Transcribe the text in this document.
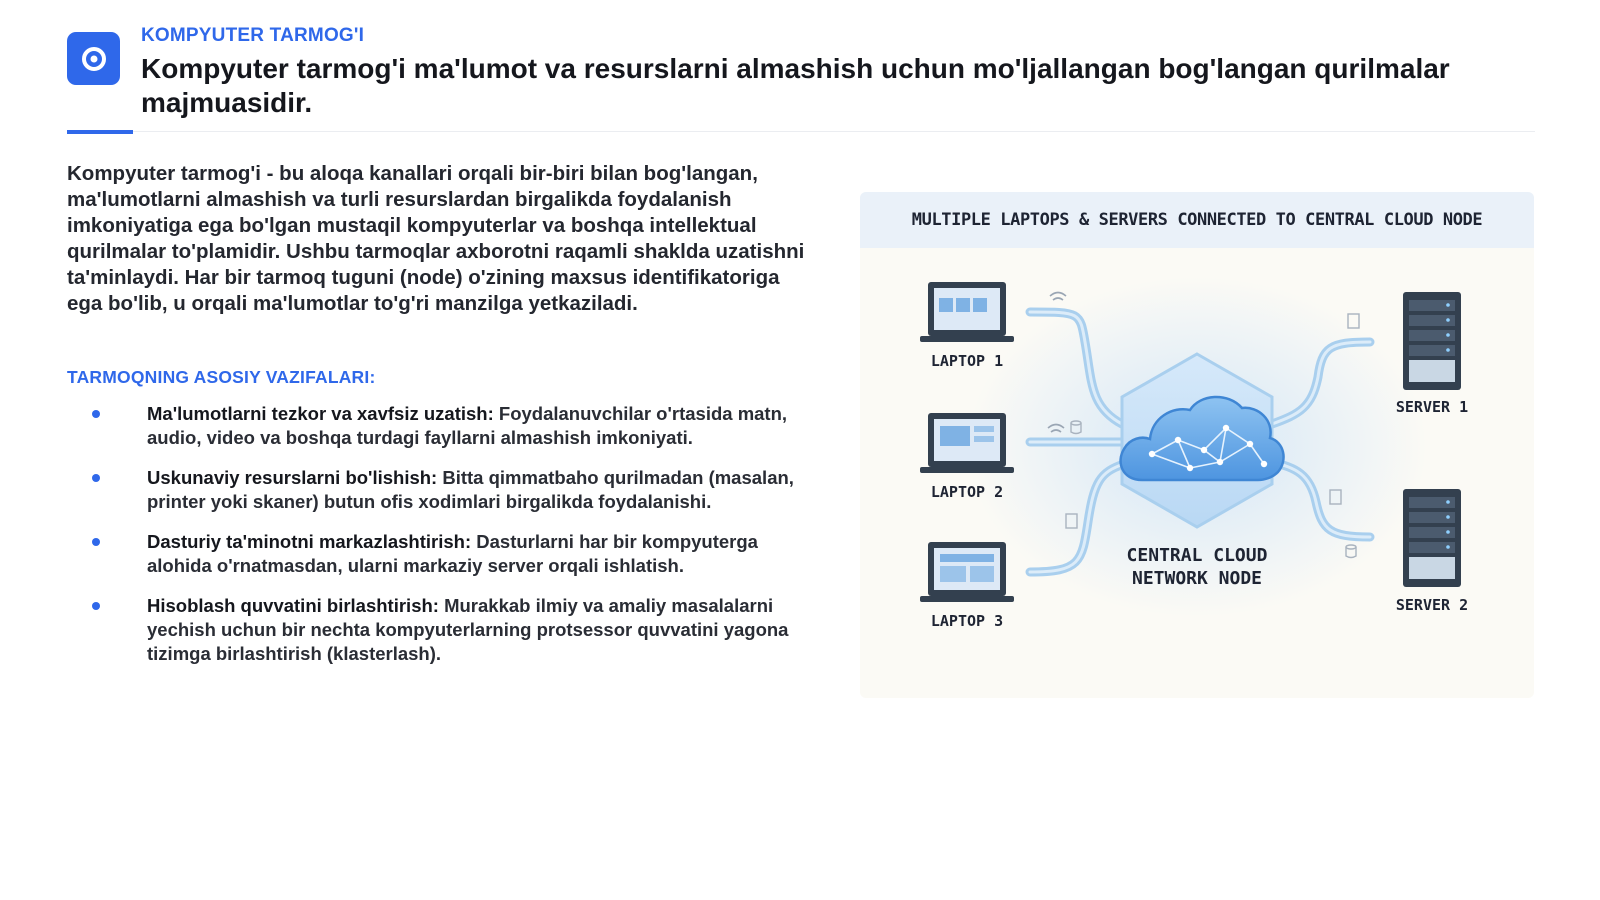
KOMPYUTER TARMOG'I
Kompyuter tarmog'i ma'lumot va resurslarni almashish uchun mo'ljallangan bog'langan qurilmalar majmuasidir.

Kompyuter tarmog'i - bu aloqa kanallari orqali bir-biri bilan bog'langan, ma'lumotlarni almashish va turli resurslardan birgalikda foydalanish imkoniyatiga ega bo'lgan mustaqil kompyuterlar va boshqa intellektual qurilmalar to'plamidir. Ushbu tarmoqlar axborotni raqamli shaklda uzatishni ta'minlaydi. Har bir tarmoq tuguni (node) o'zining maxsus identifikatoriga ega bo'lib, u orqali ma'lumotlar to'g'ri manzilga yetkaziladi.

TARMOQNING ASOSIY VAZIFALARI:
Ma'lumotlarni tezkor va xavfsiz uzatish: Foydalanuvchilar o'rtasida matn, audio, video va boshqa turdagi fayllarni almashish imkoniyati.
Uskunaviy resurslarni bo'lishish: Bitta qimmatbaho qurilmadan (masalan, printer yoki skaner) butun ofis xodimlari birgalikda foydalanishi.
Dasturiy ta'minotni markazlashtirish: Dasturlarni har bir kompyuterga alohida o'rnatmasdan, ularni markaziy server orqali ishlatish.
Hisoblash quvvatini birlashtirish: Murakkab ilmiy va amaliy masalalarni yechish uchun bir nechta kompyuterlarning protsessor quvvatini yagona tizimga birlashtirish (klasterlash).
MULTIPLE LAPTOPS & SERVERS CONNECTED TO CENTRAL CLOUD NODE
LAPTOP 1
LAPTOP 2
LAPTOP 3
SERVER 1
SERVER 2
CENTRAL CLOUD
NETWORK NODE
